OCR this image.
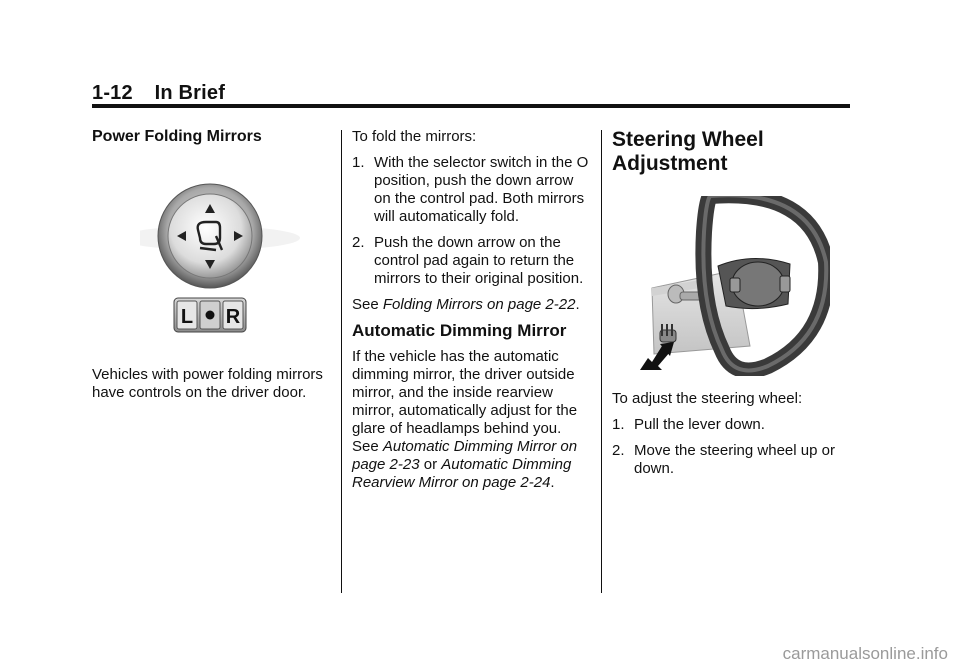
1-12 In Brief
Power Folding Mirrors
L R

Vehicles with power folding mirrors have controls on the driver door.

To fold the mirrors:

1. With the selector switch in the O position, push the down arrow on the control pad. Both mirrors will automatically fold.
2. Push the down arrow on the control pad again to return the mirrors to their original position.

See Folding Mirrors on page 2-22.

Automatic Dimming Mirror

If the vehicle has the automatic dimming mirror, the driver outside mirror, and the inside rearview mirror, automatically adjust for the glare of headlamps behind you. See Automatic Dimming Mirror on page 2-23 or Automatic Dimming Rearview Mirror on page 2-24.

Steering Wheel Adjustment

To adjust the steering wheel:

1. Pull the lever down.
2. Move the steering wheel up or down.
carmanualsonline.info
